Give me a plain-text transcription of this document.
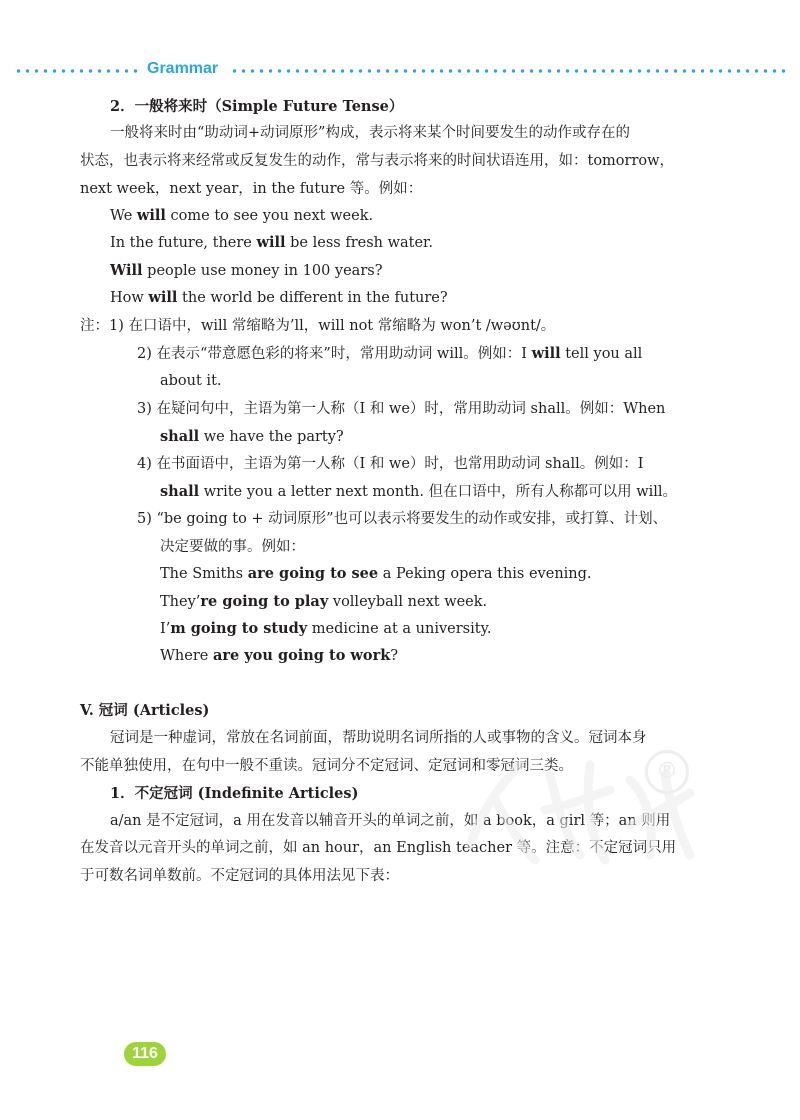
Grammar
2．一般将来时（Simple Future Tense）
一般将来时由“助动词+动词原形”构成，表示将来某个时间要发生的动作或存在的
状态，也表示将来经常或反复发生的动作，常与表示将来的时间状语连用，如：tomorrow，
next week，next year，in the future 等。例如：
We will come to see you next week.
In the future, there will be less fresh water.
Will people use money in 100 years?
How will the world be different in the future?
注：1) 在口语中，will 常缩略为’ll，will not 常缩略为 won’t /wəʊnt/。
2) 在表示“带意愿色彩的将来”时，常用助动词 will。例如：I will tell you all
about it.
3) 在疑问句中，主语为第一人称（I 和 we）时，常用助动词 shall。例如：When
shall we have the party?
4) 在书面语中，主语为第一人称（I 和 we）时，也常用助动词 shall。例如：I
shall write you a letter next month. 但在口语中，所有人称都可以用 will。
5) “be going to + 动词原形”也可以表示将要发生的动作或安排，或打算、计划、
决定要做的事。例如：
The Smiths are going to see a Peking opera this evening.
They’re going to play volleyball next week.
I’m going to study medicine at a university.
Where are you going to work?
V. 冠词 (Articles)
冠词是一种虚词，常放在名词前面，帮助说明名词所指的人或事物的含义。冠词本身
不能单独使用，在句中一般不重读。冠词分不定冠词、定冠词和零冠词三类。
1．不定冠词 (Indefinite Articles)
a/an 是不定冠词，a 用在发音以辅音开头的单词之前，如 a book，a girl 等；an 则用
在发音以元音开头的单词之前，如 an hour，an English teacher 等。注意：不定冠词只用
于可数名词单数前。不定冠词的具体用法见下表：
®
116
